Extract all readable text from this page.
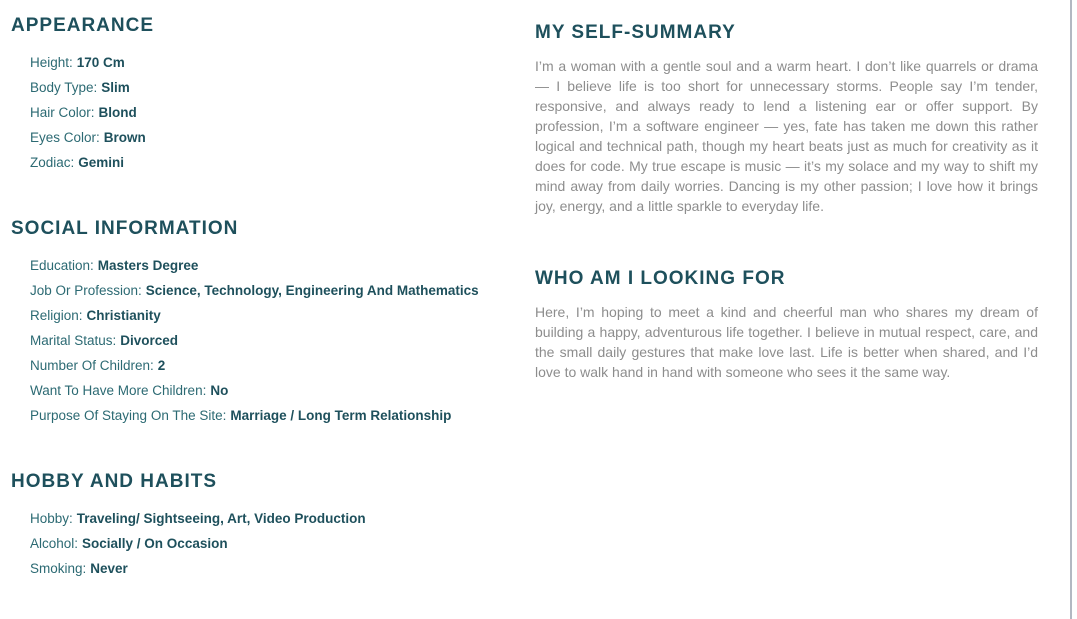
APPEARANCE
Height: 170 Cm
Body Type: Slim
Hair Color: Blond
Eyes Color: Brown
Zodiac: Gemini
SOCIAL INFORMATION
Education: Masters Degree
Job Or Profession: Science, Technology, Engineering And Mathematics
Religion: Christianity
Marital Status: Divorced
Number Of Children: 2
Want To Have More Children: No
Purpose Of Staying On The Site: Marriage / Long Term Relationship
HOBBY AND HABITS
Hobby: Traveling/ Sightseeing, Art, Video Production
Alcohol: Socially / On Occasion
Smoking: Never
MY SELF-SUMMARY

I’m a woman with a gentle soul and a warm heart. I don’t like quarrels or drama — I believe life is too short for unnecessary storms. People say I’m tender, responsive, and always ready to lend a listening ear or offer support. By profession, I’m a software engineer — yes, fate has taken me down this rather logical and technical path, though my heart beats just as much for creativity as it does for code. My true escape is music — it’s my solace and my way to shift my mind away from daily worries. Dancing is my other passion; I love how it brings joy, energy, and a little sparkle to everyday life.

WHO AM I LOOKING FOR

Here, I’m hoping to meet a kind and cheerful man who shares my dream of building a happy, adventurous life together. I believe in mutual respect, care, and the small daily gestures that make love last. Life is better when shared, and I’d love to walk hand in hand with someone who sees it the same way.
